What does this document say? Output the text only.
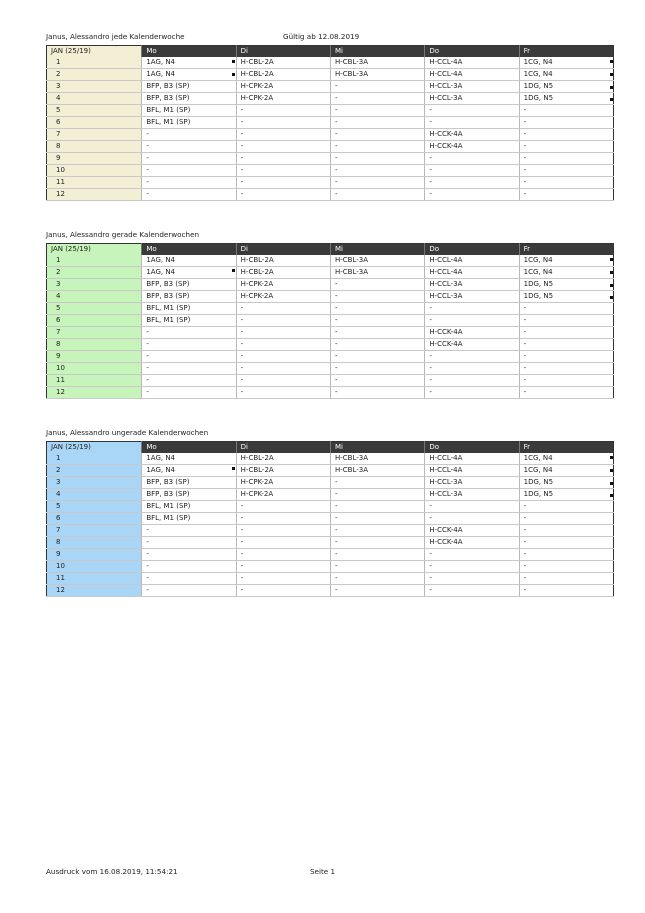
Janus, Alessandro jede Kalenderwoche	Gültig ab 12.08.2019
JAN (25/19)	Mo	Di	Mi	Do	Fr
1	1AG, N4	H-CBL-2A	H-CBL-3A	H-CCL-4A	1CG, N4
2	1AG, N4	H-CBL-2A	H-CBL-3A	H-CCL-4A	1CG, N4
3	BFP, B3 (SP)	H-CPK-2A	-	H-CCL-3A	1DG, N5
4	BFP, B3 (SP)	H-CPK-2A	-	H-CCL-3A	1DG, N5
5	BFL, M1 (SP)	-	-	-	-
6	BFL, M1 (SP)	-	-	-	-
7	-	-	-	H-CCK-4A	-
8	-	-	-	H-CCK-4A	-
9	-	-	-	-	-
10	-	-	-	-	-
11	-	-	-	-	-
12	-	-	-	-	-
Janus, Alessandro gerade Kalenderwochen
JAN (25/19)	Mo	Di	Mi	Do	Fr
1	1AG, N4	H-CBL-2A	H-CBL-3A	H-CCL-4A	1CG, N4
2	1AG, N4	H-CBL-2A	H-CBL-3A	H-CCL-4A	1CG, N4
3	BFP, B3 (SP)	H-CPK-2A	-	H-CCL-3A	1DG, N5
4	BFP, B3 (SP)	H-CPK-2A	-	H-CCL-3A	1DG, N5
5	BFL, M1 (SP)	-	-	-	-
6	BFL, M1 (SP)	-	-	-	-
7	-	-	-	H-CCK-4A	-
8	-	-	-	H-CCK-4A	-
9	-	-	-	-	-
10	-	-	-	-	-
11	-	-	-	-	-
12	-	-	-	-	-
Janus, Alessandro ungerade Kalenderwochen
JAN (25/19)	Mo	Di	Mi	Do	Fr
1	1AG, N4	H-CBL-2A	H-CBL-3A	H-CCL-4A	1CG, N4
2	1AG, N4	H-CBL-2A	H-CBL-3A	H-CCL-4A	1CG, N4
3	BFP, B3 (SP)	H-CPK-2A	-	H-CCL-3A	1DG, N5
4	BFP, B3 (SP)	H-CPK-2A	-	H-CCL-3A	1DG, N5
5	BFL, M1 (SP)	-	-	-	-
6	BFL, M1 (SP)	-	-	-	-
7	-	-	-	H-CCK-4A	-
8	-	-	-	H-CCK-4A	-
9	-	-	-	-	-
10	-	-	-	-	-
11	-	-	-	-	-
12	-	-	-	-	-
Ausdruck vom 16.08.2019, 11:54:21	Seite 1
